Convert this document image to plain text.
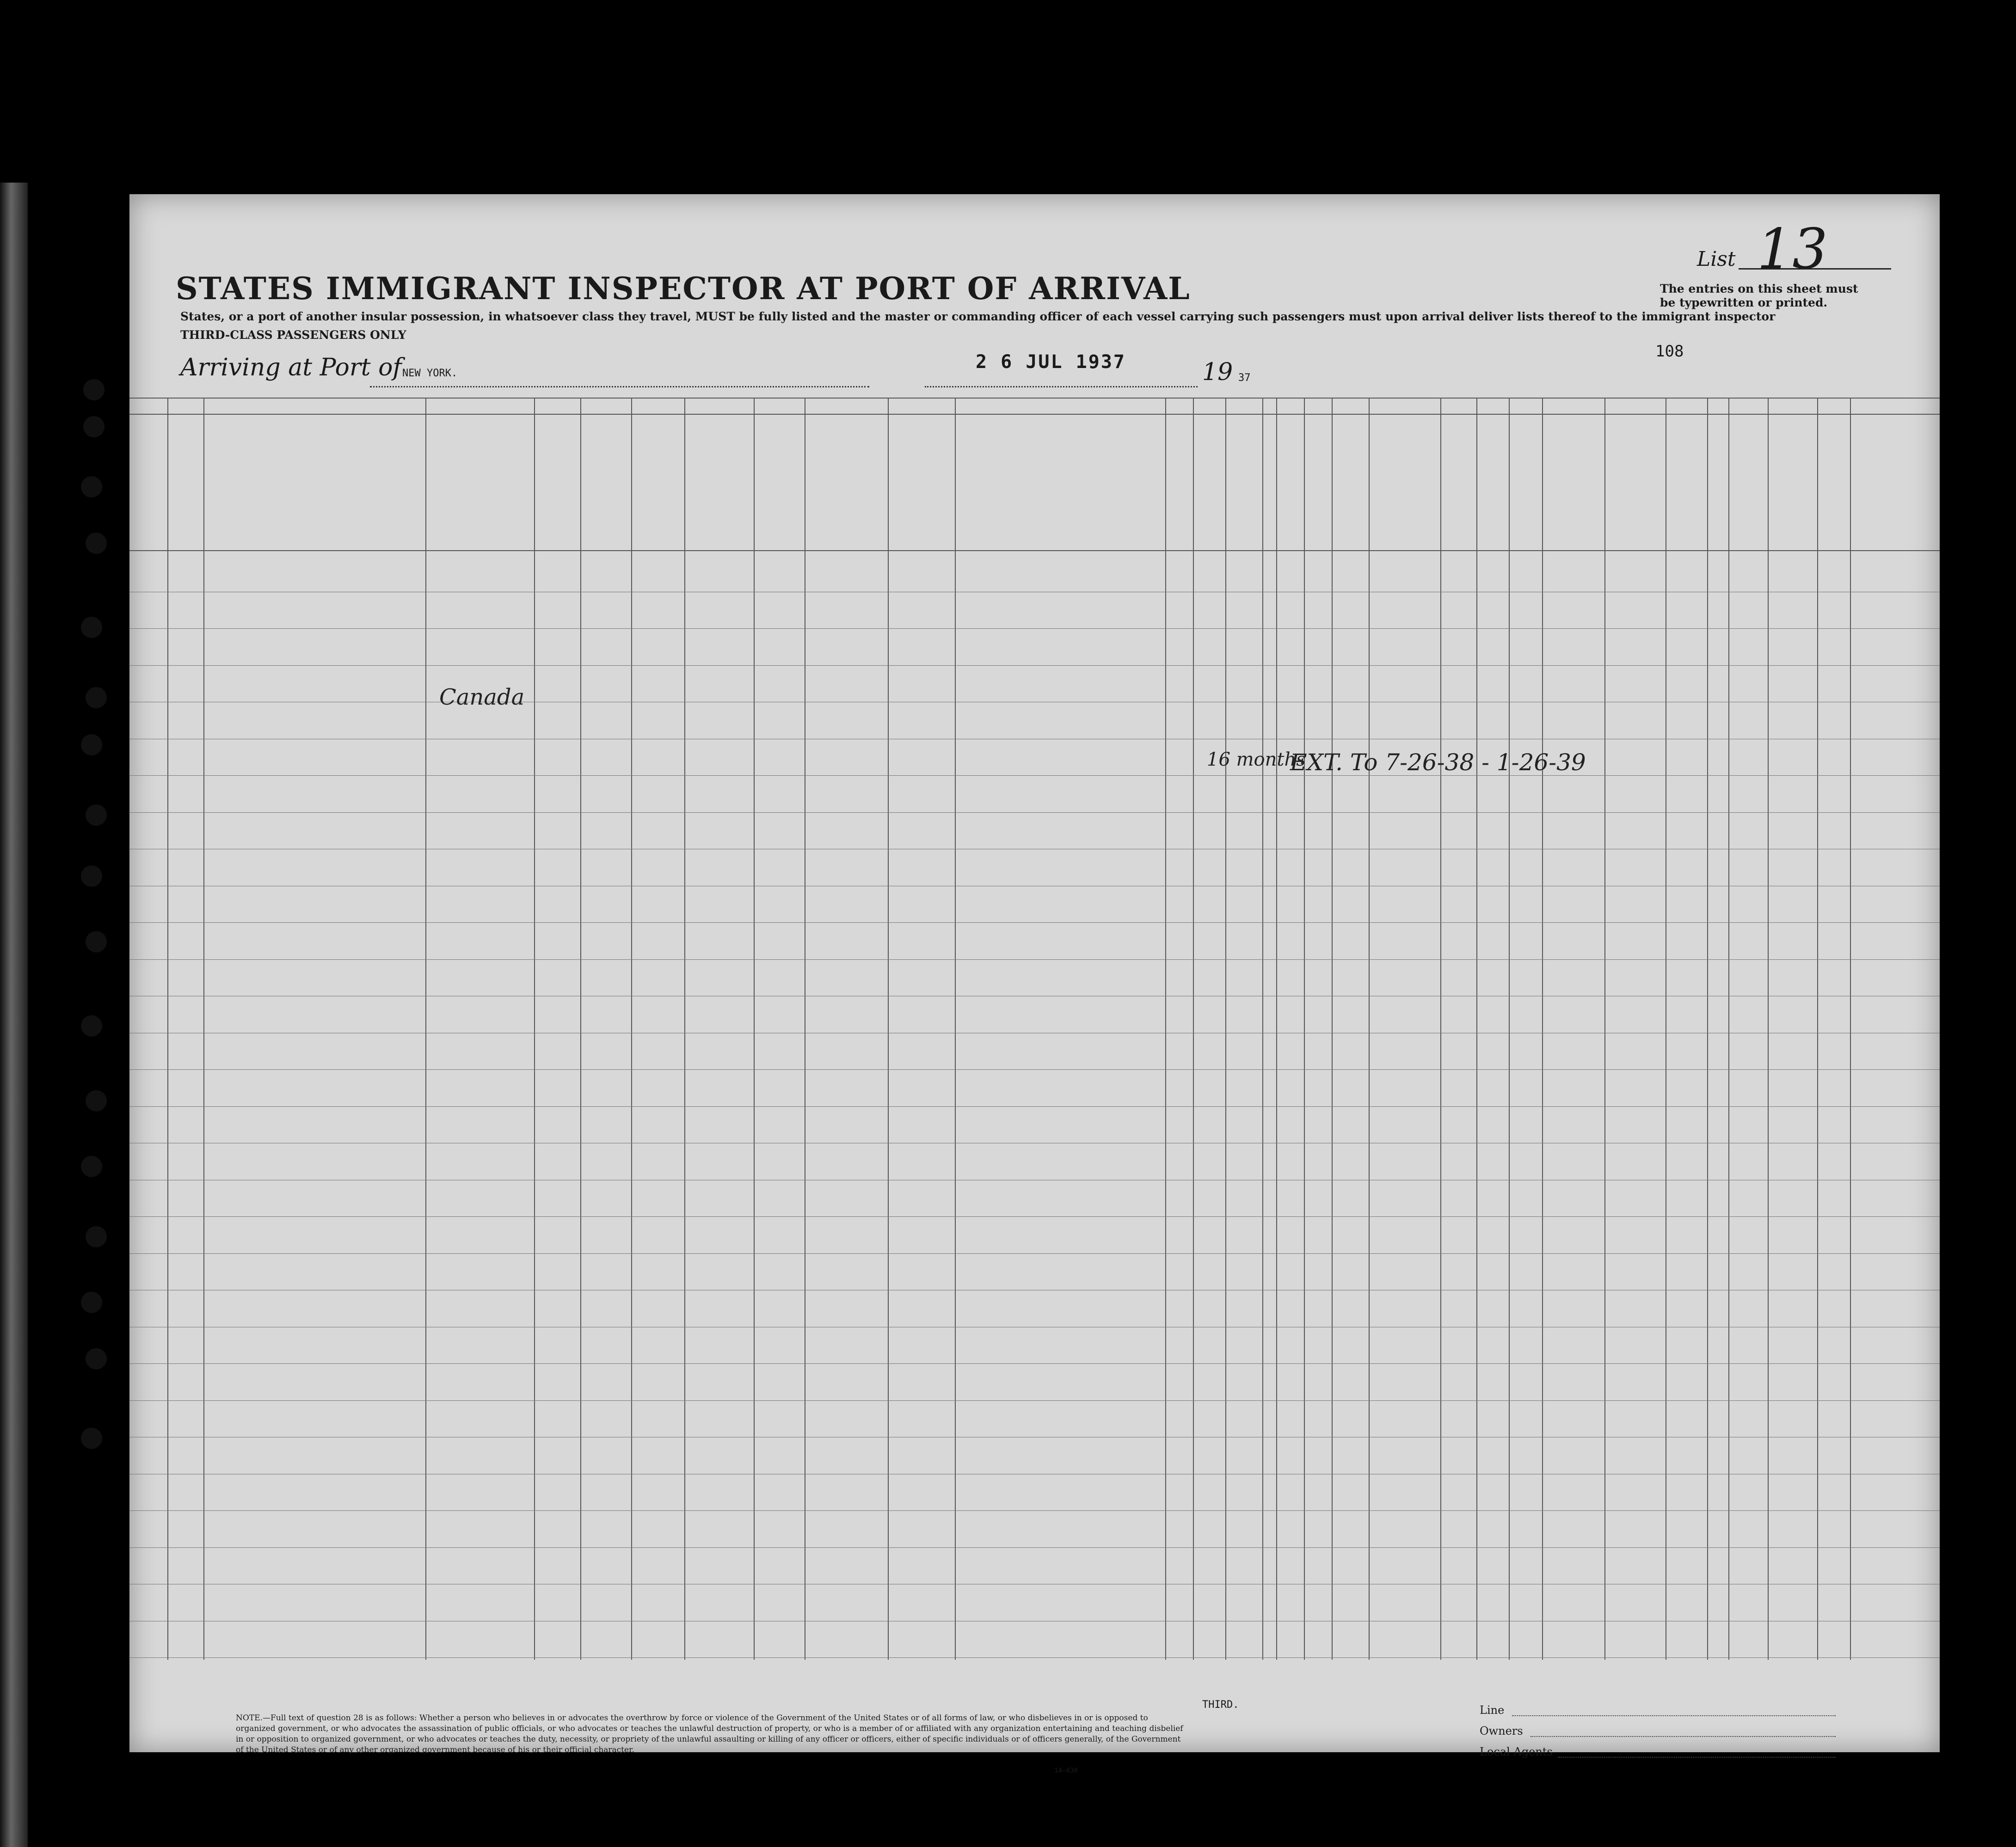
STATES IMMIGRANT INSPECTOR AT PORT OF ARRIVAL
States, or a port of another insular possession, in whatsoever class they travel, MUST be fully listed and the master or commanding officer of each vessel carrying such passengers must upon arrival deliver lists thereof to the immigrant inspector
THIRD-CLASS PASSENGERS ONLY
List 13
The entries on this sheet must be typewritten or printed.
Arriving at Port of NEW YORK.
2 6 JUL 1937	19 37
108
EXT. To 7-26-38 - 1-26-39
Canada
16 months
THIRD.	Line
Owners
Local Agents
NOTE.—Full text of question 28 is as follows: Whether a person who believes in or advocates the overthrow by force or violence of the Government of the United States or of all forms of law, or who disbelieves in or is opposed to organized government, or who advocates the assassination of public officials, or who advocates or teaches the unlawful destruction of property, or who is a member of or affiliated with any organization entertaining and teaching disbelief in or opposition to organized government, or who advocates or teaches the duty, necessity, or propriety of the unlawful assaulting or killing of any officer or officers, either of specific individuals or of officers generally, of the Government of the United States or of any other organized government because of his or their official character.
14—430
